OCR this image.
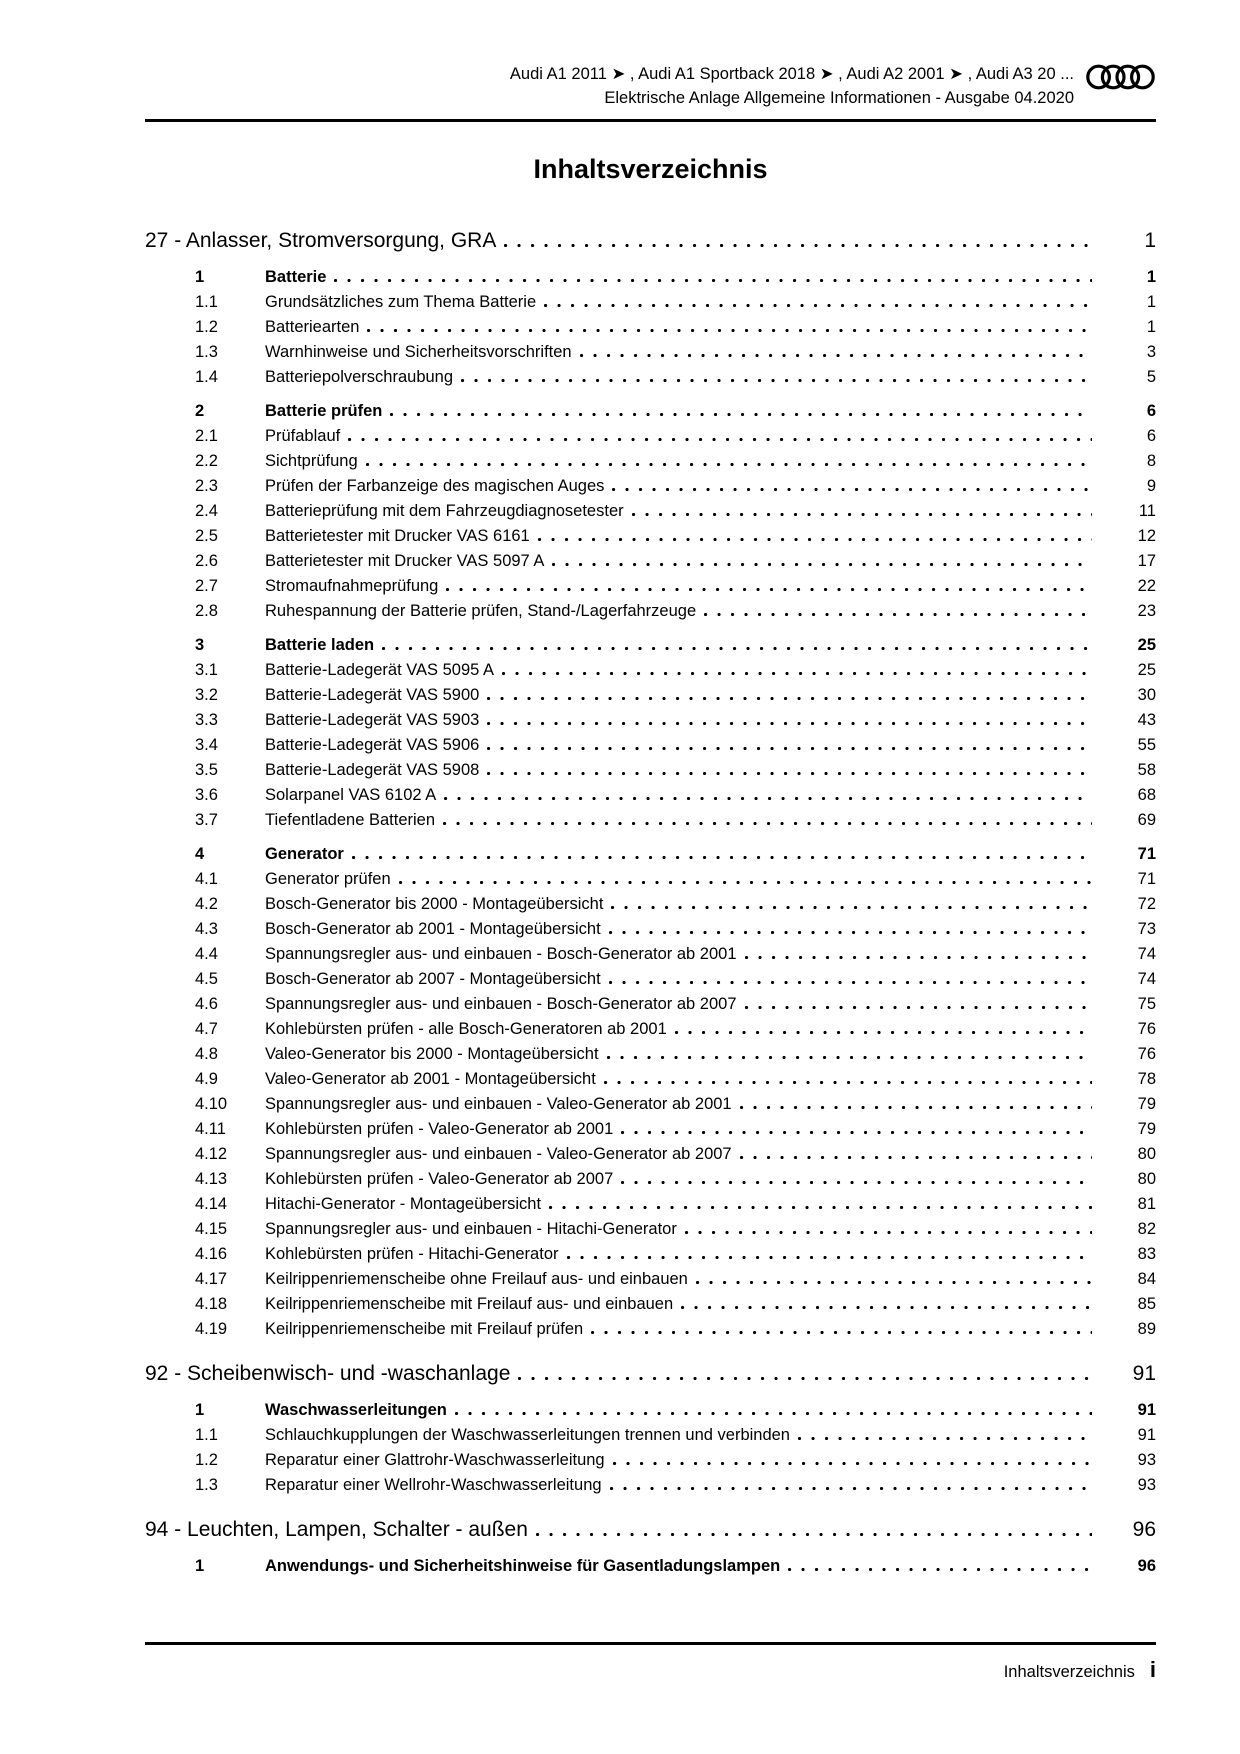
Audi A1 2011 ➤ , Audi A1 Sportback 2018 ➤ , Audi A2 2001 ➤ , Audi A3 20 ...
Elektrische Anlage Allgemeine Informationen - Ausgabe 04.2020
Inhaltsverzeichnis
27 - Anlasser, Stromversorgung, GRA	1
1	Batterie	1
1.1	Grundsätzliches zum Thema Batterie	1
1.2	Batteriearten	1
1.3	Warnhinweise und Sicherheitsvorschriften	3
1.4	Batteriepolverschraubung	5
2	Batterie prüfen	6
2.1	Prüfablauf	6
2.2	Sichtprüfung	8
2.3	Prüfen der Farbanzeige des magischen Auges	9
2.4	Batterieprüfung mit dem Fahrzeugdiagnosetester	11
2.5	Batterietester mit Drucker VAS 6161	12
2.6	Batterietester mit Drucker VAS 5097 A	17
2.7	Stromaufnahmeprüfung	22
2.8	Ruhespannung der Batterie prüfen, Stand-/Lagerfahrzeuge	23
3	Batterie laden	25
3.1	Batterie-Ladegerät VAS 5095 A	25
3.2	Batterie-Ladegerät VAS 5900	30
3.3	Batterie-Ladegerät VAS 5903	43
3.4	Batterie-Ladegerät VAS 5906	55
3.5	Batterie-Ladegerät VAS 5908	58
3.6	Solarpanel VAS 6102 A	68
3.7	Tiefentladene Batterien	69
4	Generator	71
4.1	Generator prüfen	71
4.2	Bosch-Generator bis 2000 - Montageübersicht	72
4.3	Bosch-Generator ab 2001 - Montageübersicht	73
4.4	Spannungsregler aus- und einbauen - Bosch-Generator ab 2001	74
4.5	Bosch-Generator ab 2007 - Montageübersicht	74
4.6	Spannungsregler aus- und einbauen - Bosch-Generator ab 2007	75
4.7	Kohlebürsten prüfen - alle Bosch-Generatoren ab 2001	76
4.8	Valeo-Generator bis 2000 - Montageübersicht	76
4.9	Valeo-Generator ab 2001 - Montageübersicht	78
4.10	Spannungsregler aus- und einbauen - Valeo-Generator ab 2001	79
4.11	Kohlebürsten prüfen - Valeo-Generator ab 2001	79
4.12	Spannungsregler aus- und einbauen - Valeo-Generator ab 2007	80
4.13	Kohlebürsten prüfen - Valeo-Generator ab 2007	80
4.14	Hitachi-Generator - Montageübersicht	81
4.15	Spannungsregler aus- und einbauen - Hitachi-Generator	82
4.16	Kohlebürsten prüfen - Hitachi-Generator	83
4.17	Keilrippenriemenscheibe ohne Freilauf aus- und einbauen	84
4.18	Keilrippenriemenscheibe mit Freilauf aus- und einbauen	85
4.19	Keilrippenriemenscheibe mit Freilauf prüfen	89
92 - Scheibenwisch- und -waschanlage	91
1	Waschwasserleitungen	91
1.1	Schlauchkupplungen der Waschwasserleitungen trennen und verbinden	91
1.2	Reparatur einer Glattrohr-Waschwasserleitung	93
1.3	Reparatur einer Wellrohr-Waschwasserleitung	93
94 - Leuchten, Lampen, Schalter - außen	96
1	Anwendungs- und Sicherheitshinweise für Gasentladungslampen	96
Inhaltsverzeichnis i
